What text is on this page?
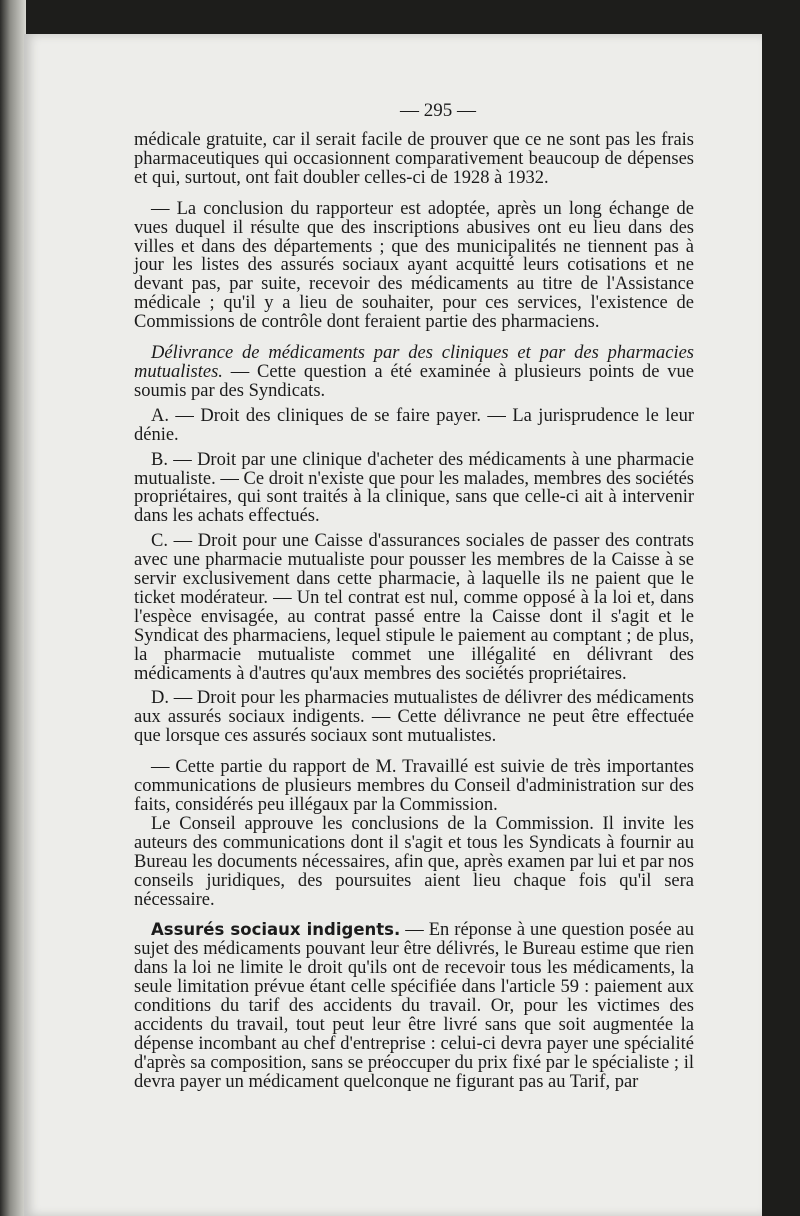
— 295 —

médicale gratuite, car il serait facile de prouver que ce ne sont pas les frais pharmaceutiques qui occasionnent comparativement beaucoup de dépenses et qui, surtout, ont fait doubler celles-ci de 1928 à 1932.

— La conclusion du rapporteur est adoptée, après un long échange de vues duquel il résulte que des inscriptions abusives ont eu lieu dans des villes et dans des départements ; que des municipalités ne tiennent pas à jour les listes des assurés sociaux ayant acquitté leurs cotisations et ne devant pas, par suite, recevoir des médicaments au titre de l'Assistance médicale ; qu'il y a lieu de souhaiter, pour ces services, l'existence de Commissions de contrôle dont feraient partie des pharmaciens.

Délivrance de médicaments par des cliniques et par des pharmacies mutualistes. — Cette question a été examinée à plusieurs points de vue soumis par des Syndicats.

A. — Droit des cliniques de se faire payer. — La jurisprudence le leur dénie.

B. — Droit par une clinique d'acheter des médicaments à une pharmacie mutualiste. — Ce droit n'existe que pour les malades, membres des sociétés propriétaires, qui sont traités à la clinique, sans que celle-ci ait à intervenir dans les achats effectués.

C. — Droit pour une Caisse d'assurances sociales de passer des contrats avec une pharmacie mutualiste pour pousser les membres de la Caisse à se servir exclusivement dans cette pharmacie, à laquelle ils ne paient que le ticket modérateur. — Un tel contrat est nul, comme opposé à la loi et, dans l'espèce envisagée, au contrat passé entre la Caisse dont il s'agit et le Syndicat des pharmaciens, lequel stipule le paiement au comptant ; de plus, la pharmacie mutualiste commet une illégalité en délivrant des médicaments à d'autres qu'aux membres des sociétés propriétaires.

D. — Droit pour les pharmacies mutualistes de délivrer des médicaments aux assurés sociaux indigents. — Cette délivrance ne peut être effectuée que lorsque ces assurés sociaux sont mutualistes.

— Cette partie du rapport de M. Travaillé est suivie de très importantes communications de plusieurs membres du Conseil d'administration sur des faits, considérés peu illégaux par la Commission.

Le Conseil approuve les conclusions de la Commission. Il invite les auteurs des communications dont il s'agit et tous les Syndicats à fournir au Bureau les documents nécessaires, afin que, après examen par lui et par nos conseils juridiques, des poursuites aient lieu chaque fois qu'il sera nécessaire.

Assurés sociaux indigents. — En réponse à une question posée au sujet des médicaments pouvant leur être délivrés, le Bureau estime que rien dans la loi ne limite le droit qu'ils ont de recevoir tous les médicaments, la seule limitation prévue étant celle spécifiée dans l'article 59 : paiement aux conditions du tarif des accidents du travail. Or, pour les victimes des accidents du travail, tout peut leur être livré sans que soit augmentée la dépense incombant au chef d'entreprise : celui-ci devra payer une spécialité d'après sa composition, sans se préoccuper du prix fixé par le spécialiste ; il devra payer un médicament quelconque ne figurant pas au Tarif, par
